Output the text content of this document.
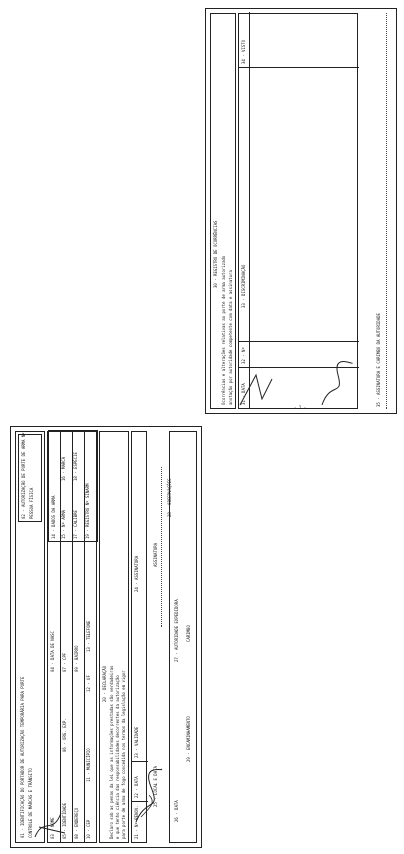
01 - IDENTIFICAÇÃO DO PORTADOR DE AUTORIZAÇÃO TEMPORÁRIA PARA PORTE CONTROLE DE MARCAS E TRÂNSITO
02 - AUTORIZAÇÃO DE PORTE DE ARMA Nº PESSOA FÍSICA
03 - NOME
04 - DATA DE NASC
05 - IDENTIDADE
06 - ORG. EXP.
07 - CPF
08 - ENDEREÇO
09 - BAIRRO
10 - CEP
11 - MUNICÍPIO
12 - UF
13 - TELEFONE
14 - DADOS DA ARMA 15 - Nº ARMA
16 - MARCA
17 - CALIBRE
18 - ESPÉCIE
19 - REGISTRO Nº SINARM
20 - DECLARAÇÃO Declaro sob as penas da lei que as informações prestadas são verdadeiras e que tenho ciência das responsabilidades decorrentes da autorização para porte de arma de fogo concedida nos termos da legislação em vigor 21 - Nº RENOV.
22 - DATA
23 - VALIDADE
24 - ASSINATURA
ASSINATURA
25 - LOCAL E DATA
28 - OBSERVAÇÕES
26 - DATA
27 - AUTORIDADE EXPEDIDORA CARIMBO
29 - ENCAMINHAMENTO
30 - REGISTRO DE OCORRÊNCIAS
Ocorrências e alterações relativas ao porte de arma autorizado anotação por autoridade competente com data e assinatura 31 - DATA
32 - Nº
33 - DISCRIMINAÇÃO
34 - VISTO
35 - ASSINATURA E CARIMBO DA AUTORIDADE
- 2 -
